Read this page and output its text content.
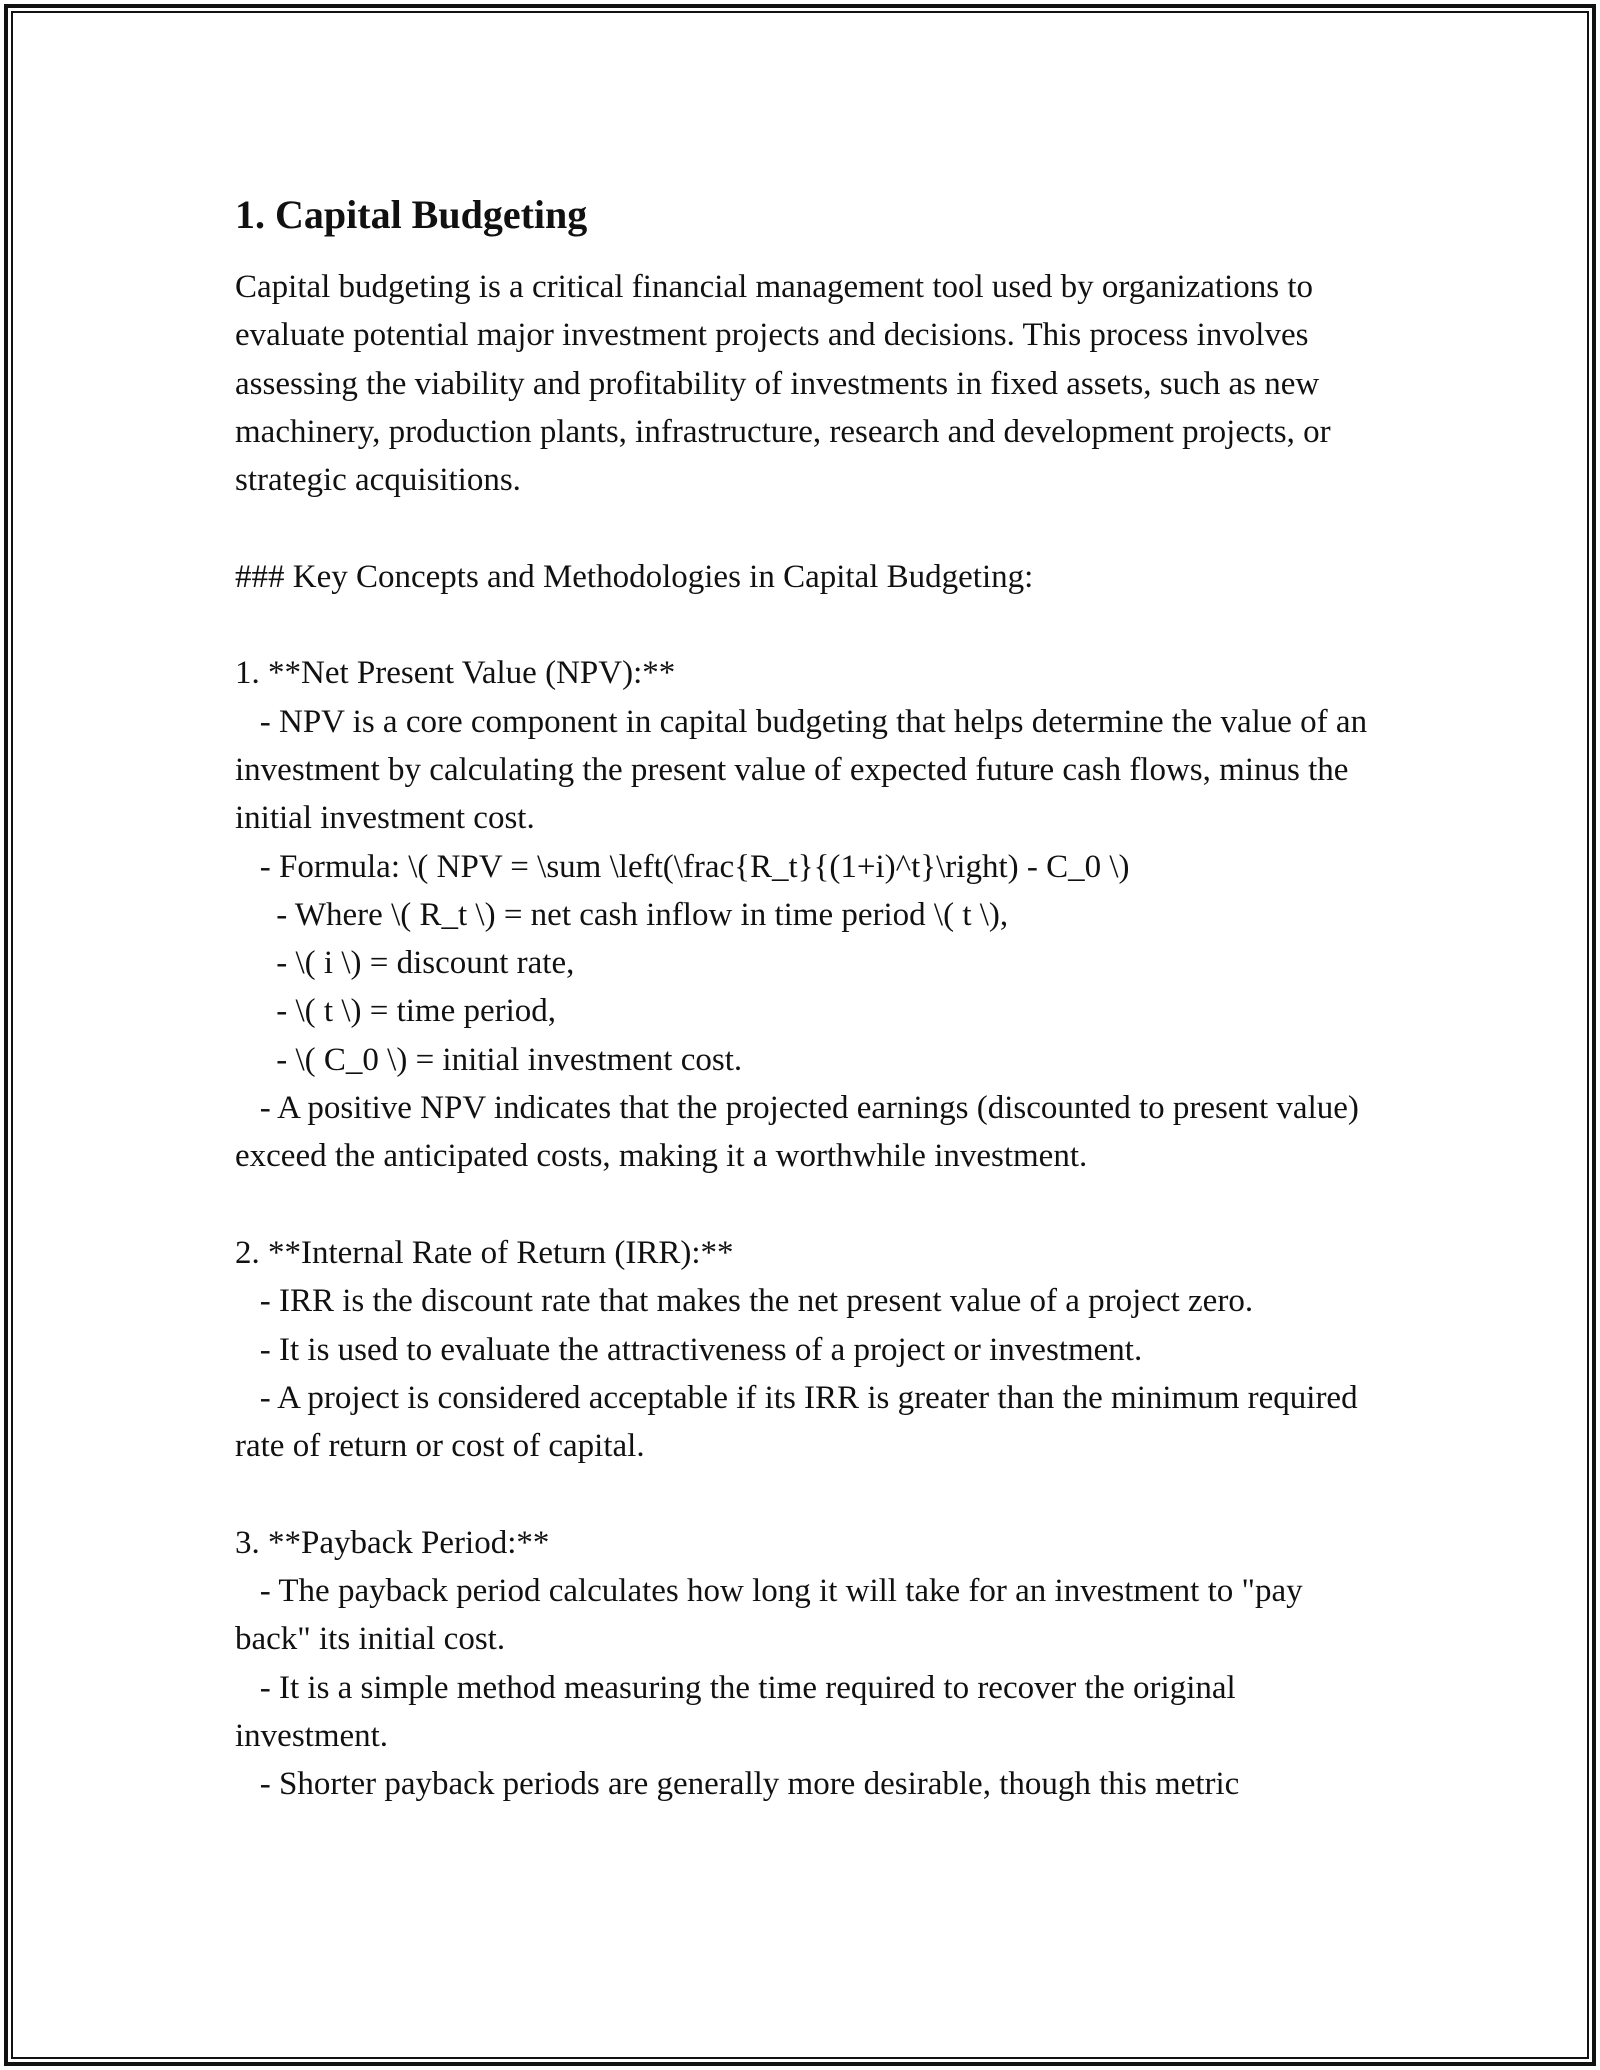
1. Capital Budgeting
Capital budgeting is a critical financial management tool used by organizations to evaluate potential major investment projects and decisions. This process involves assessing the viability and profitability of investments in fixed assets, such as new machinery, production plants, infrastructure, research and development projects, or strategic acquisitions.

### Key Concepts and Methodologies in Capital Budgeting:

1. **Net Present Value (NPV):**
- NPV is a core component in capital budgeting that helps determine the value of an investment by calculating the present value of expected future cash flows, minus the initial investment cost.
- Formula: \( NPV = \sum \left(\frac{R_t}{(1+i)^t}\right) - C_0 \)
- Where \( R_t \) = net cash inflow in time period \( t \),
- \( i \) = discount rate,
- \( t \) = time period,
- \( C_0 \) = initial investment cost.
- A positive NPV indicates that the projected earnings (discounted to present value) exceed the anticipated costs, making it a worthwhile investment.

2. **Internal Rate of Return (IRR):**
- IRR is the discount rate that makes the net present value of a project zero.
- It is used to evaluate the attractiveness of a project or investment.
- A project is considered acceptable if its IRR is greater than the minimum required rate of return or cost of capital.

3. **Payback Period:**
- The payback period calculates how long it will take for an investment to "pay back" its initial cost.
- It is a simple method measuring the time required to recover the original investment.
- Shorter payback periods are generally more desirable, though this metric
